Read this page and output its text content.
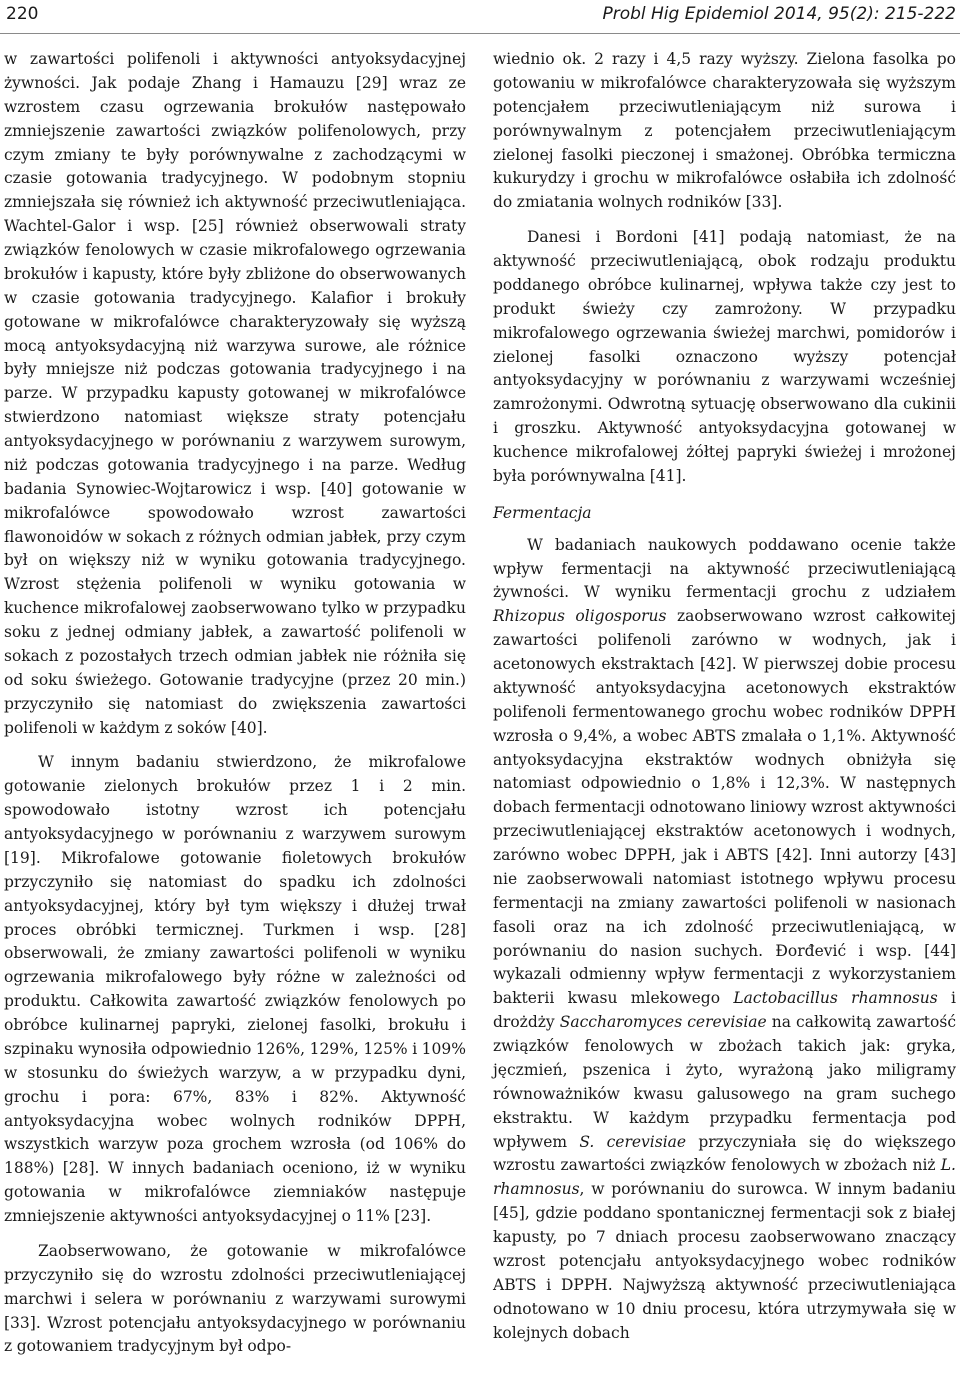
220	Probl Hig Epidemiol 2014, 95(2): 215-222

w zawartości polifenoli i aktywności antyoksydacyjnej żywności. Jak podaje Zhang i Hamauzu [29] wraz ze wzrostem czasu ogrzewania brokułów następowało zmniejszenie zawartości związków polifenolowych, przy czym zmiany te były porównywalne z zachodzącymi w czasie gotowania tradycyjnego. W podobnym stopniu zmniejszała się również ich aktywność przeciwutleniająca. Wachtel-Galor i wsp. [25] również obserwowali straty związków fenolowych w czasie mikrofalowego ogrzewania brokułów i kapusty, które były zbliżone do obserwowanych w czasie gotowania tradycyjnego. Kalafior i brokuły gotowane w mikrofalówce charakteryzowały się wyższą mocą antyoksydacyjną niż warzywa surowe, ale różnice były mniejsze niż podczas gotowania tradycyjnego i na parze. W przypadku kapusty gotowanej w mikrofalówce stwierdzono natomiast większe straty potencjału antyoksydacyjnego w porównaniu z warzywem surowym, niż podczas gotowania tradycyjnego i na parze. Według badania Synowiec-Wojtarowicz i wsp. [40] gotowanie w mikrofalówce spowodowało wzrost zawartości flawonoidów w sokach z różnych odmian jabłek, przy czym był on większy niż w wyniku gotowania tradycyjnego. Wzrost stężenia polifenoli w wyniku gotowania w kuchence mikrofalowej zaobserwowano tylko w przypadku soku z jednej odmiany jabłek, a zawartość polifenoli w sokach z pozostałych trzech odmian jabłek nie różniła się od soku świeżego. Gotowanie tradycyjne (przez 20 min.) przyczyniło się natomiast do zwiększenia zawartości polifenoli w każdym z soków [40].

W innym badaniu stwierdzono, że mikrofalowe gotowanie zielonych brokułów przez 1 i 2 min. spowodowało istotny wzrost ich potencjału antyoksydacyjnego w porównaniu z warzywem surowym [19]. Mikrofalowe gotowanie fioletowych brokułów przyczyniło się natomiast do spadku ich zdolności antyoksydacyjnej, który był tym większy i dłużej trwał proces obróbki termicznej. Turkmen i wsp. [28] obserwowali, że zmiany zawartości polifenoli w wyniku ogrzewania mikrofalowego były różne w zależności od produktu. Całkowita zawartość związków fenolowych po obróbce kulinarnej papryki, zielonej fasolki, brokułu i szpinaku wynosiła odpowiednio 126%, 129%, 125% i 109% w stosunku do świeżych warzyw, a w przypadku dyni, grochu i pora: 67%, 83% i 82%. Aktywność antyoksydacyjna wobec wolnych rodników DPPH, wszystkich warzyw poza grochem wzrosła (od 106% do 188%) [28]. W innych badaniach oceniono, iż w wyniku gotowania w mikrofalówce ziemniaków następuje zmniejszenie aktywności antyoksydacyjnej o 11% [23].

Zaobserwowano, że gotowanie w mikrofalówce przyczyniło się do wzrostu zdolności przeciwutleniającej marchwi i selera w porównaniu z warzywami surowymi [33]. Wzrost potencjału antyoksydacyjnego w porównaniu z gotowaniem tradycyjnym był odpo-

wiednio ok. 2 razy i 4,5 razy wyższy. Zielona fasolka po gotowaniu w mikrofalówce charakteryzowała się wyższym potencjałem przeciwutleniającym niż surowa i porównywalnym z potencjałem przeciwutleniającym zielonej fasolki pieczonej i smażonej. Obróbka termiczna kukurydzy i grochu w mikrofalówce osłabiła ich zdolność do zmiatania wolnych rodników [33].

Danesi i Bordoni [41] podają natomiast, że na aktywność przeciwutleniającą, obok rodzaju produktu poddanego obróbce kulinarnej, wpływa także czy jest to produkt świeży czy zamrożony. W przypadku mikrofalowego ogrzewania świeżej marchwi, pomidorów i zielonej fasolki oznaczono wyższy potencjał antyoksydacyjny w porównaniu z warzywami wcześniej zamrożonymi. Odwrotną sytuację obserwowano dla cukinii i groszku. Aktywność antyoksydacyjna gotowanej w kuchence mikrofalowej żółtej papryki świeżej i mrożonej była porównywalna [41].

Fermentacja

W badaniach naukowych poddawano ocenie także wpływ fermentacji na aktywność przeciwutleniającą żywności. W wyniku fermentacji grochu z udziałem Rhizopus oligosporus zaobserwowano wzrost całkowitej zawartości polifenoli zarówno w wodnych, jak i acetonowych ekstraktach [42]. W pierwszej dobie procesu aktywność antyoksydacyjna acetonowych ekstraktów polifenoli fermentowanego grochu wobec rodników DPPH wzrosła o 9,4%, a wobec ABTS zmalała o 1,1%. Aktywność antyoksydacyjna ekstraktów wodnych obniżyła się natomiast odpowiednio o 1,8% i 12,3%. W następnych dobach fermentacji odnotowano liniowy wzrost aktywności przeciwutleniającej ekstraktów acetonowych i wodnych, zarówno wobec DPPH, jak i ABTS [42]. Inni autorzy [43] nie zaobserwowali natomiast istotnego wpływu procesu fermentacji na zmiany zawartości polifenoli w nasionach fasoli oraz na ich zdolność przeciwutleniającą, w porównaniu do nasion suchych. Đorđević i wsp. [44] wykazali odmienny wpływ fermentacji z wykorzystaniem bakterii kwasu mlekowego Lactobacillus rhamnosus i drożdży Saccharomyces cerevisiae na całkowitą zawartość związków fenolowych w zbożach takich jak: gryka, jęczmień, pszenica i żyto, wyrażoną jako miligramy równoważników kwasu galusowego na gram suchego ekstraktu. W każdym przypadku fermentacja pod wpływem S. cerevisiae przyczyniała się do większego wzrostu zawartości związków fenolowych w zbożach niż L. rhamnosus, w porównaniu do surowca. W innym badaniu [45], gdzie poddano spontanicznej fermentacji sok z białej kapusty, po 7 dniach procesu zaobserwowano znaczący wzrost potencjału antyoksydacyjnego wobec rodników ABTS i DPPH. Najwyższą aktywność przeciwutleniająca odnotowano w 10 dniu procesu, która utrzymywała się w kolejnych dobach
